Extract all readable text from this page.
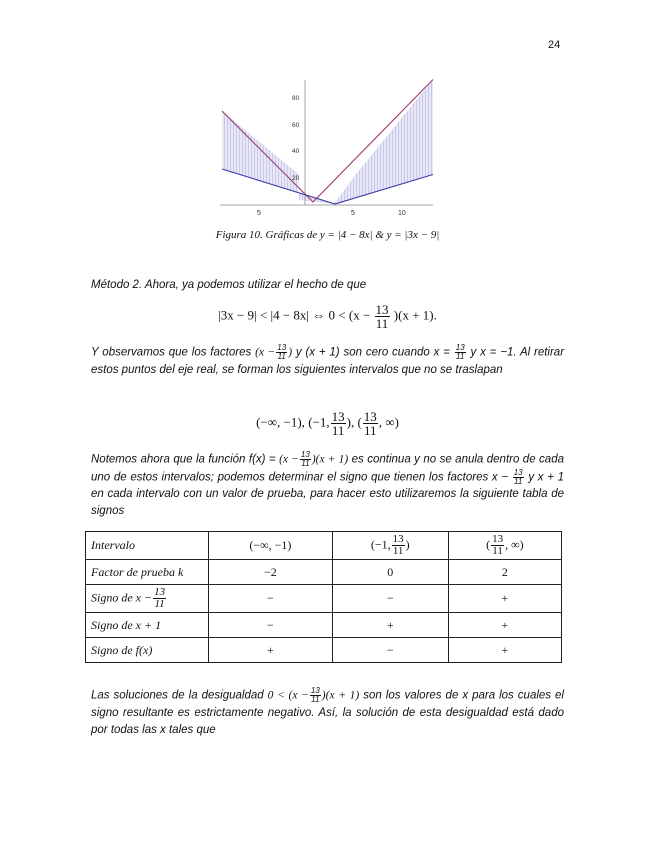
24
5	5	10
80
60
40
20
Figura 10. Gráficas de y = |4 − 8x| & y = |3x − 9|
Método 2. Ahora, ya podemos utilizar el hecho de que
|3x − 9| < |4 − 8x| ⇔ $0 < (x - \frac{13}{11} )(x + 1)$.
Y observamos que los factores ($x - \frac{13}{11}$ ) y (x + 1) son cero cuando $x = \frac{13}{11}$ y x = −1. Al retirar estos puntos del eje real, se forman los siguientes intervalos que no se traslapan
(−∞, −1), (−1, $\frac{13}{11}$ ), ( $\frac{13}{11}$ , ∞)
Notemos ahora que la función $f(x) = (x - \frac{13}{11} )(x + 1)$ es continua y no se anula dentro de cada uno de estos intervalos; podemos determinar el signo que tienen los factores $x - \frac{13}{11}$ y x + 1 en cada intervalo con un valor de prueba, para hacer esto utilizaremos la siguiente tabla de signos
Intervalo	(−∞, −1)	(−1, $\frac{13}{11}$ )	( $\frac{13}{11}$ , ∞)
Factor de prueba k	−2	0	2
Signo de $x - \frac{13}{11}$	−	−	+
Signo de x + 1	−	+	+
Signo de f(x)	+	−	+
Las soluciones de la desigualdad $0 < (x - \frac{13}{11} )(x + 1)$ son los valores de x para los cuales el signo resultante es estrictamente negativo. Así, la solución de esta desigualdad está dado por todas las x tales que
